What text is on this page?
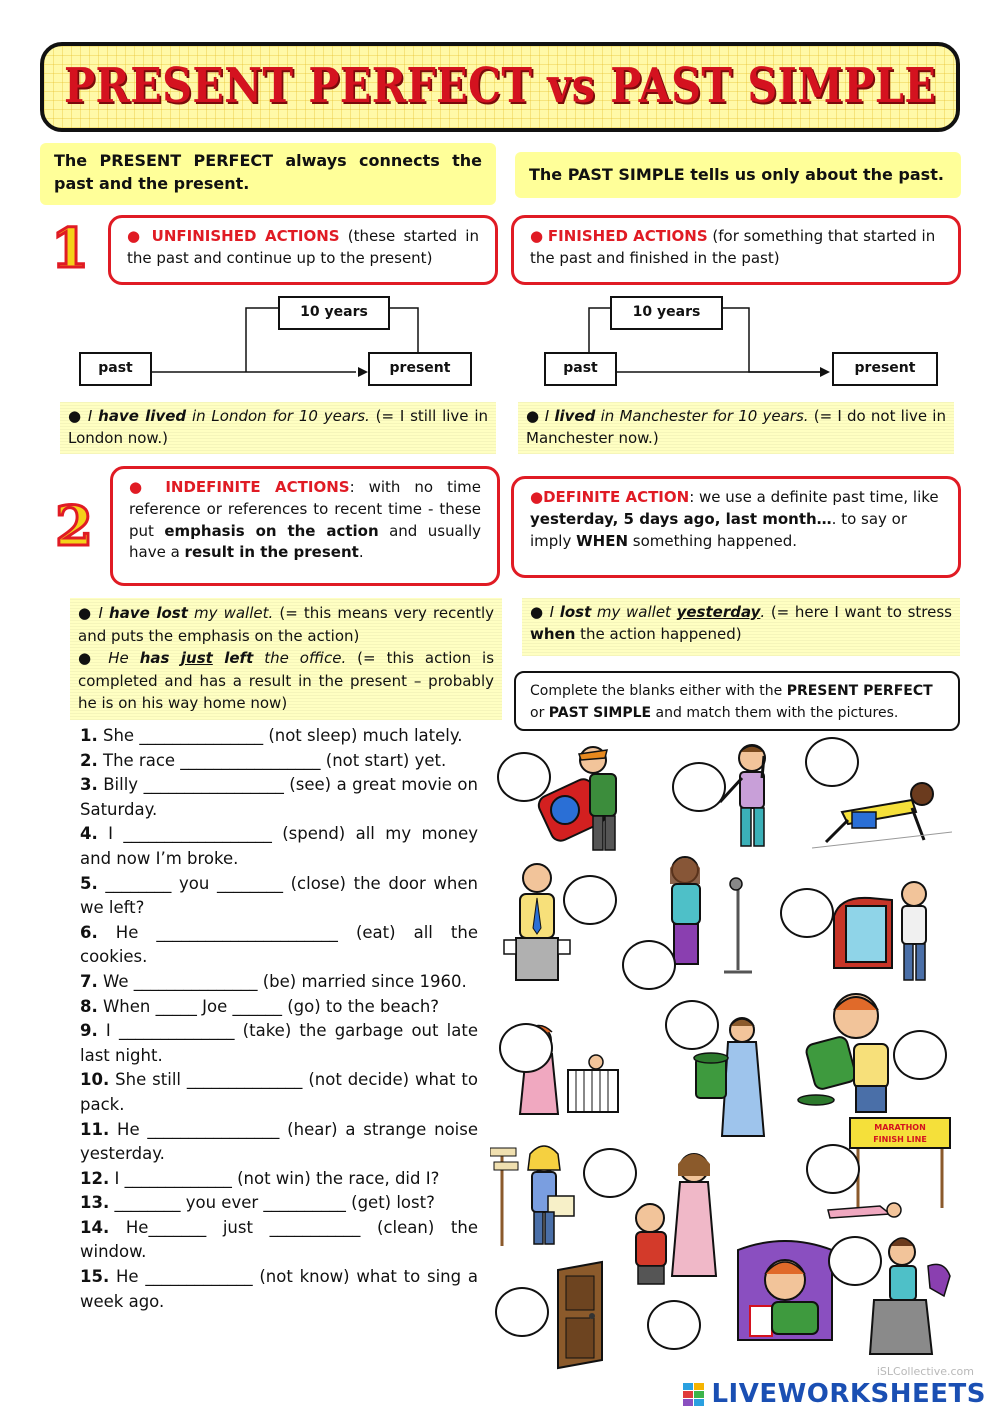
PRESENT PERFECT vs PAST SIMPLE
The PRESENT PERFECT always connects the past and the present.	The PAST SIMPLE tells us only about the past.
1	● UNFINISHED ACTIONS (these started in the past and continue up to the present)
● FINISHED ACTIONS (for something that started in the past and finished in the past)
10 years
past	present
10 years
past	present
● I have lived in London for 10 years. (= I still live in London now.)
● I lived in Manchester for 10 years. (= I do not live in Manchester now.)
2
● INDEFINITE ACTIONS: with no time reference or references to recent time - these put emphasis on the action and usually have a result in the present.
●DEFINITE ACTION: we use a definite past time, like yesterday, 5 days ago, last month…. to say or imply WHEN something happened.
● I have lost my wallet. (= this means very recently and puts the emphasis on the action)
● He has just left the office. (= this action is completed and has a result in the present – probably he is on his way home now)
● I lost my wallet yesterday. (= here I want to stress when the action happened)
Complete the blanks either with the PRESENT PERFECT or PAST SIMPLE and match them with the pictures.

1. She _______________ (not sleep) much lately.

2. The race _________________ (not start) yet.

3. Billy _________________ (see) a great movie on Saturday.

4. I __________________ (spend) all my money and now I’m broke.

5. ________ you ________ (close) the door when we left?

6. He ______________________ (eat) all the cookies.

7. We _______________ (be) married since 1960.

8. When _____ Joe ______ (go) to the beach?

9. I ______________ (take) the garbage out late last night.

10. She still ______________ (not decide) what to pack.

11. He ________________ (hear) a strange noise yesterday.

12. I _____________ (not win) the race, did I?

13. ________ you ever __________ (get) lost?

14. He_______ just ___________ (clean) the window.

15. He _____________ (not know) what to sing a week ago.

MARATHON
FINISH LINE
iSLCollective.com
LIVEWORKSHEETS
